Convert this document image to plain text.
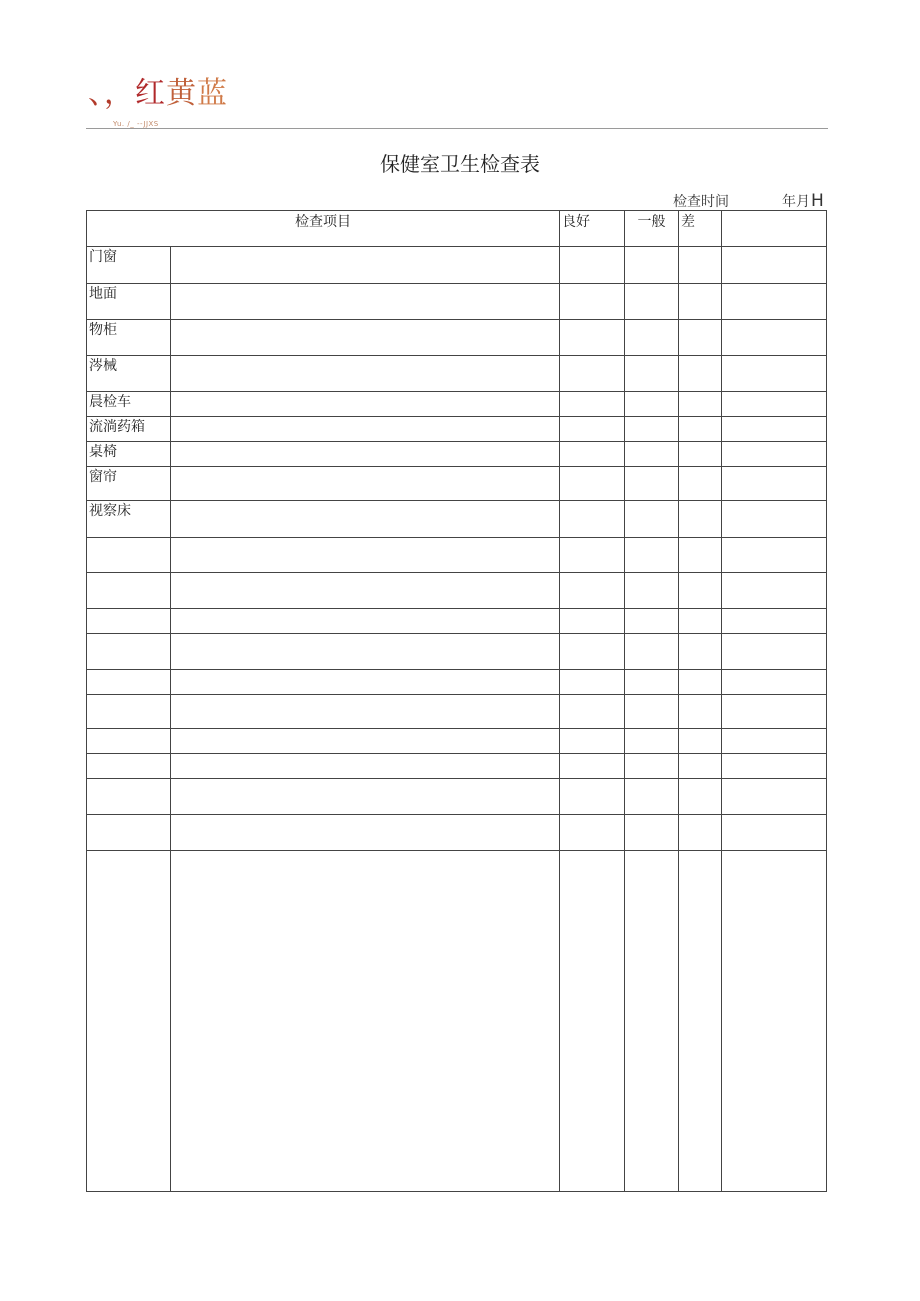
、，红黄蓝
Yu. /_ --JJXS
保健室卫生检查表
检查时间	年月H
检查项目		良好	一般	差	
门窗					
地面					
物柜					
涔械					
晨检车					
流淌药箱					
桌椅					
窗帘					
视察床					
